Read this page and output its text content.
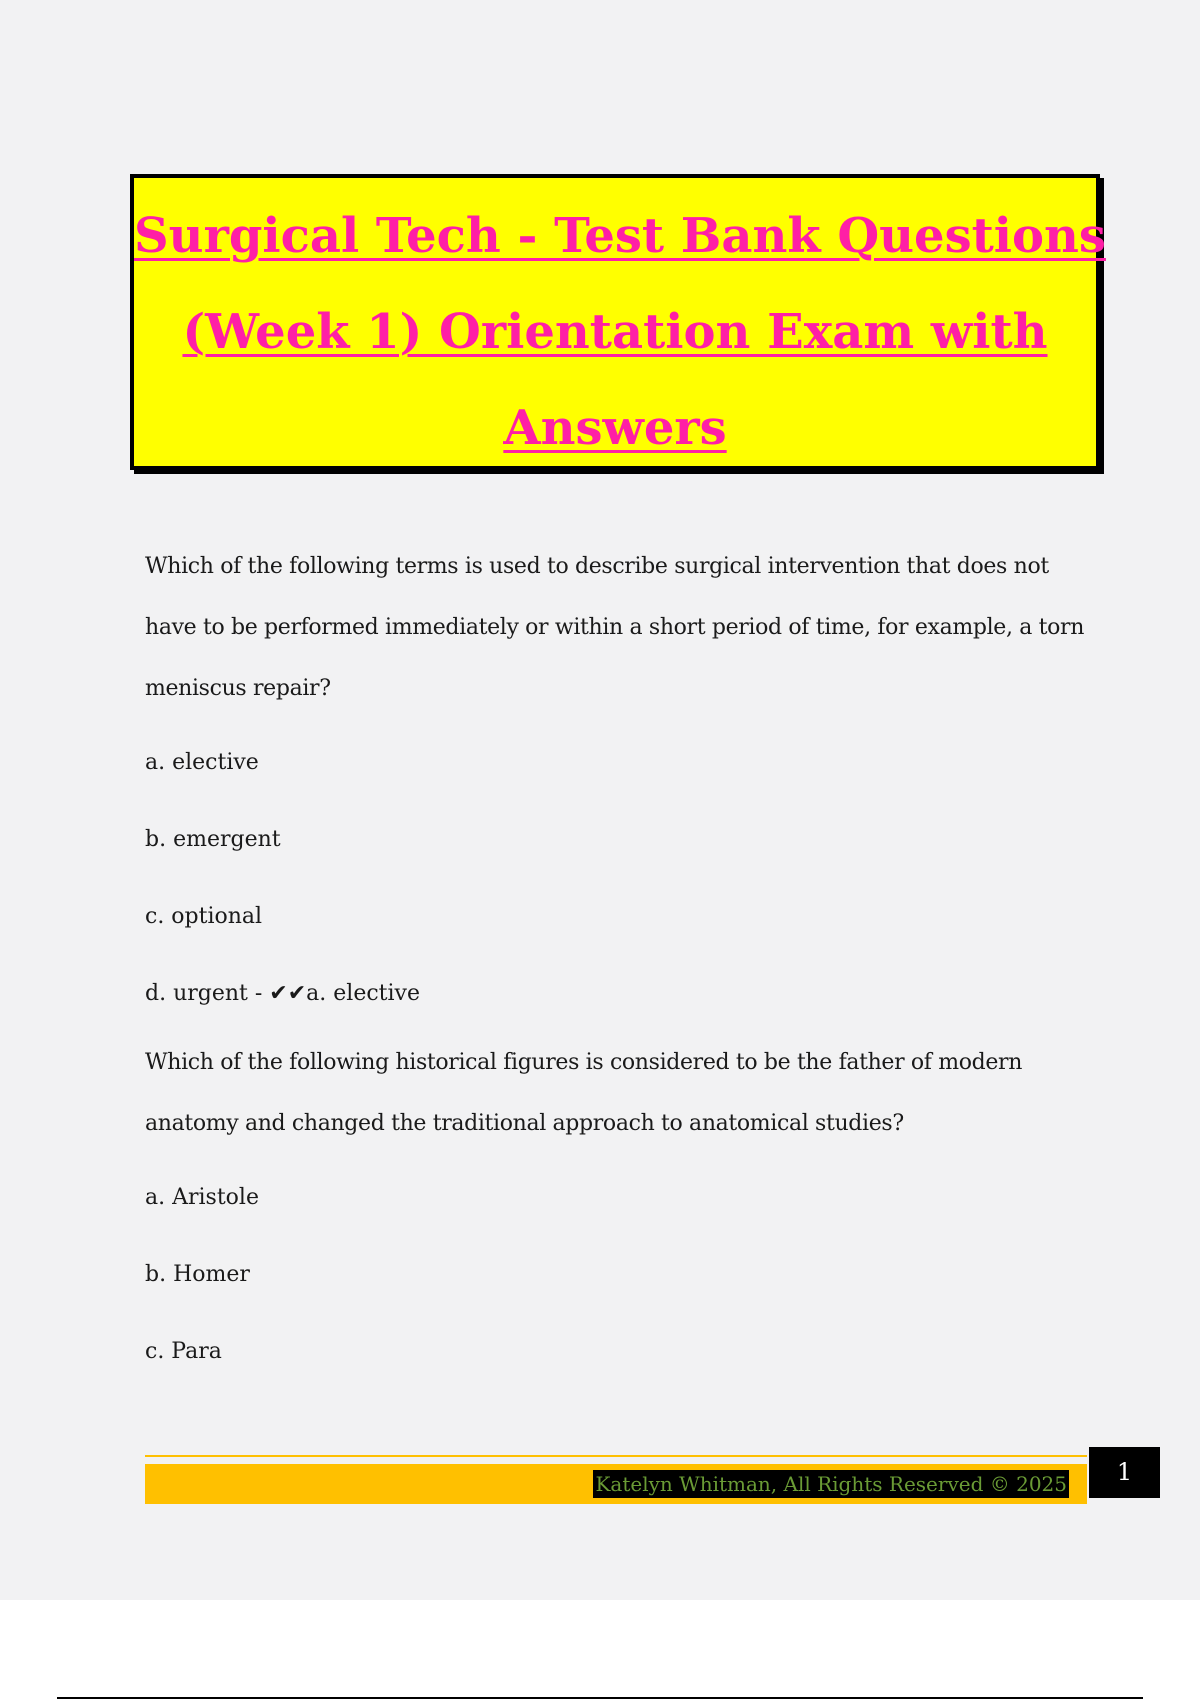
Surgical Tech - Test Bank Questions
(Week 1) Orientation Exam with
Answers

Which of the following terms is used to describe surgical intervention that does not have to be performed immediately or within a short period of time, for example, a torn meniscus repair?

a. elective

b. emergent

c. optional

d. urgent - ✔✔a. elective

Which of the following historical figures is considered to be the father of modern anatomy and changed the traditional approach to anatomical studies?

a. Aristole

b. Homer

c. Para

Katelyn Whitman, All Rights Reserved © 2025	1
